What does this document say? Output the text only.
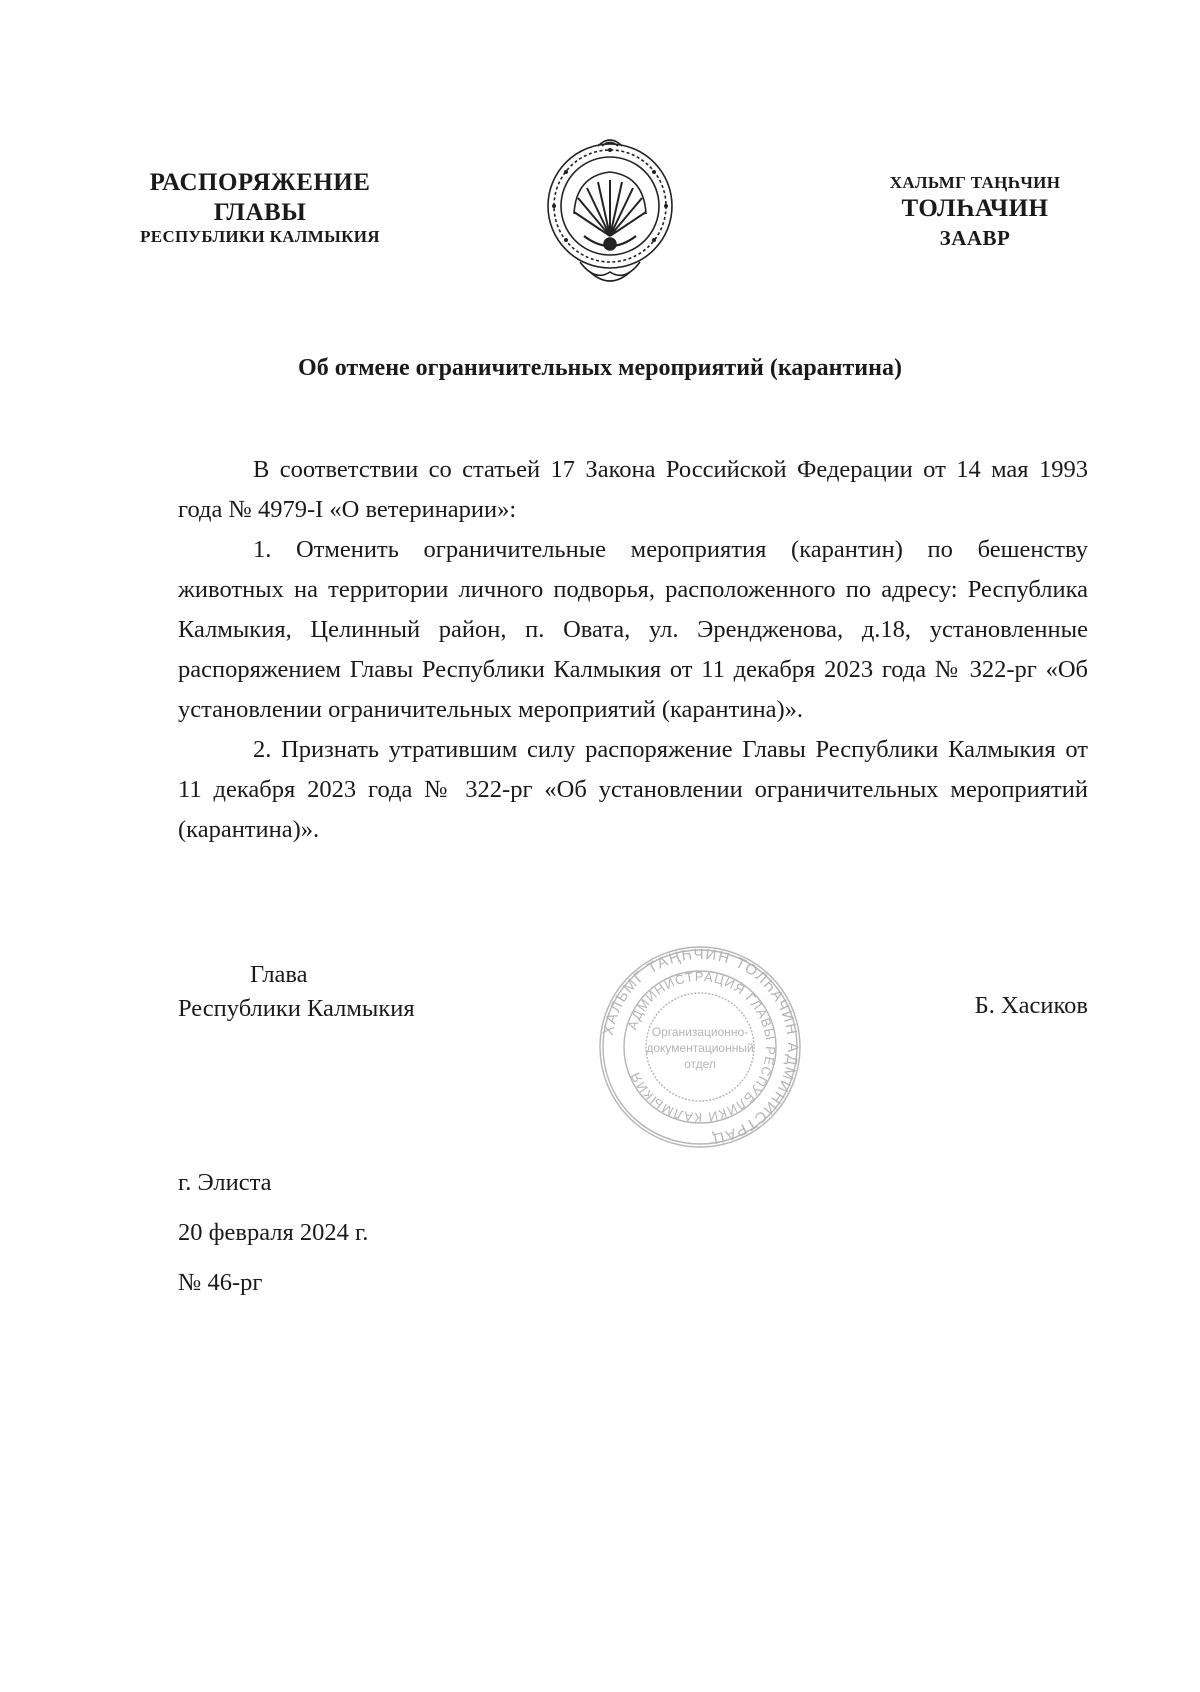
РАСПОРЯЖЕНИЕ
ГЛАВЫ
РЕСПУБЛИКИ КАЛМЫКИЯ
ХАЛЬМГ ТАҢҺЧИН
ТОЛҺАЧИН
ЗААВР
Об отмене ограничительных мероприятий (карантина)

В соответствии со статьей 17 Закона Российской Федерации от 14 мая 1993 года № 4979-I «О ветеринарии»:

1. Отменить ограничительные мероприятия (карантин) по бешенству животных на территории личного подворья, расположенного по адресу: Республика Калмыкия, Целинный район, п. Овата, ул. Эрендженова, д.18, установленные распоряжением Главы Республики Калмыкия от 11 декабря 2023 года № 322-рг «Об установлении ограничительных мероприятий (карантина)».

2. Признать утратившим силу распоряжение Главы Республики Калмыкия от 11 декабря 2023 года № 322-рг «Об установлении ограничительных мероприятий (карантина)».

Глава
Республики Калмыкия
ХАЛЬМГ ТАҢҺЧИН ТОЛҺАЧИН АДМИНИСТРАЦ
АДМИНИСТРАЦИЯ ГЛАВЫ РЕСПУБЛИКИ КАЛМЫКИЯ
Организационно-
документационный
отдел
Б. Хасиков
г. Элиста
20 февраля 2024 г.
№ 46-рг
